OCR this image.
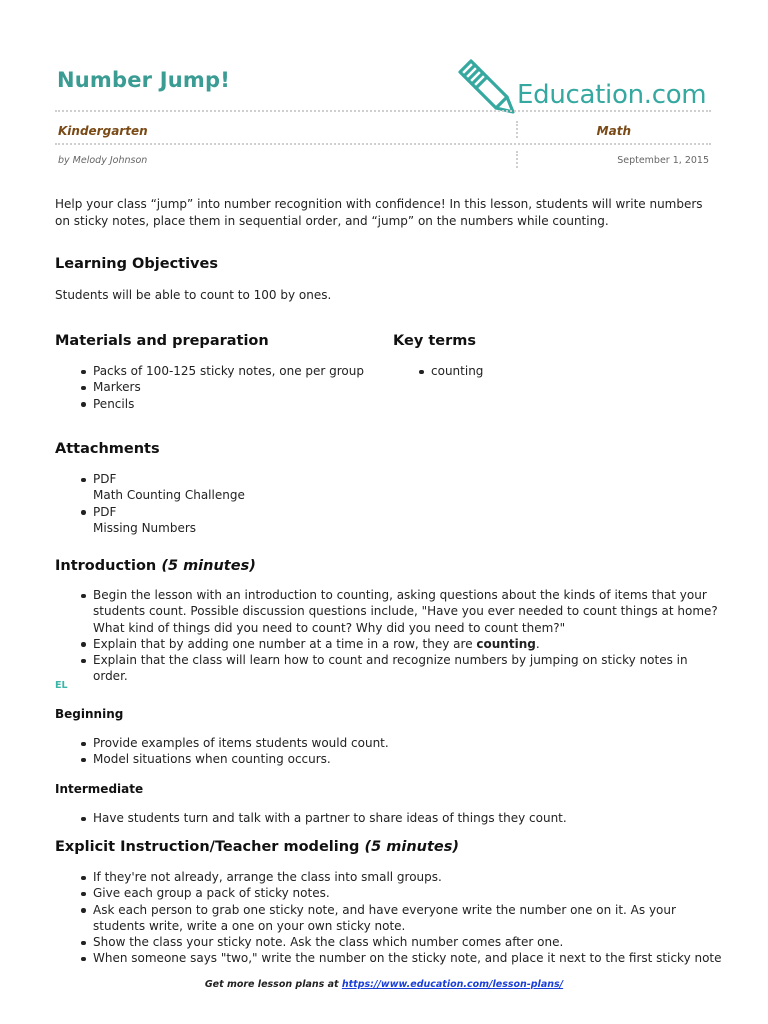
Number Jump!	Education.com
Kindergarten	Math
by Melody Johnson	September 1, 2015

Help your class “jump” into number recognition with confidence! In this lesson, students will write numbers on sticky notes, place them in sequential order, and “jump” on the numbers while counting.

Learning Objectives

Students will be able to count to 100 by ones.

Materials and preparation
Packs of 100-125 sticky notes, one per group
Markers
Pencils
Key terms
counting
Attachments
PDF
Math Counting Challenge
PDF
Missing Numbers
Introduction (5 minutes)
Begin the lesson with an introduction to counting, asking questions about the kinds of items that your students count. Possible discussion questions include, "Have you ever needed to count things at home? What kind of things did you need to count? Why did you need to count them?"
Explain that by adding one number at a time in a row, they are counting.
Explain that the class will learn how to count and recognize numbers by jumping on sticky notes in order.
EL
Beginning
Provide examples of items students would count.
Model situations when counting occurs.
Intermediate
Have students turn and talk with a partner to share ideas of things they count.
Explicit Instruction/Teacher modeling (5 minutes)
If they're not already, arrange the class into small groups.
Give each group a pack of sticky notes.
Ask each person to grab one sticky note, and have everyone write the number one on it. As your students write, write a one on your own sticky note.
Show the class your sticky note. Ask the class which number comes after one.
When someone says "two," write the number on the sticky note, and place it next to the first sticky note
Get more lesson plans at https://www.education.com/lesson-plans/
